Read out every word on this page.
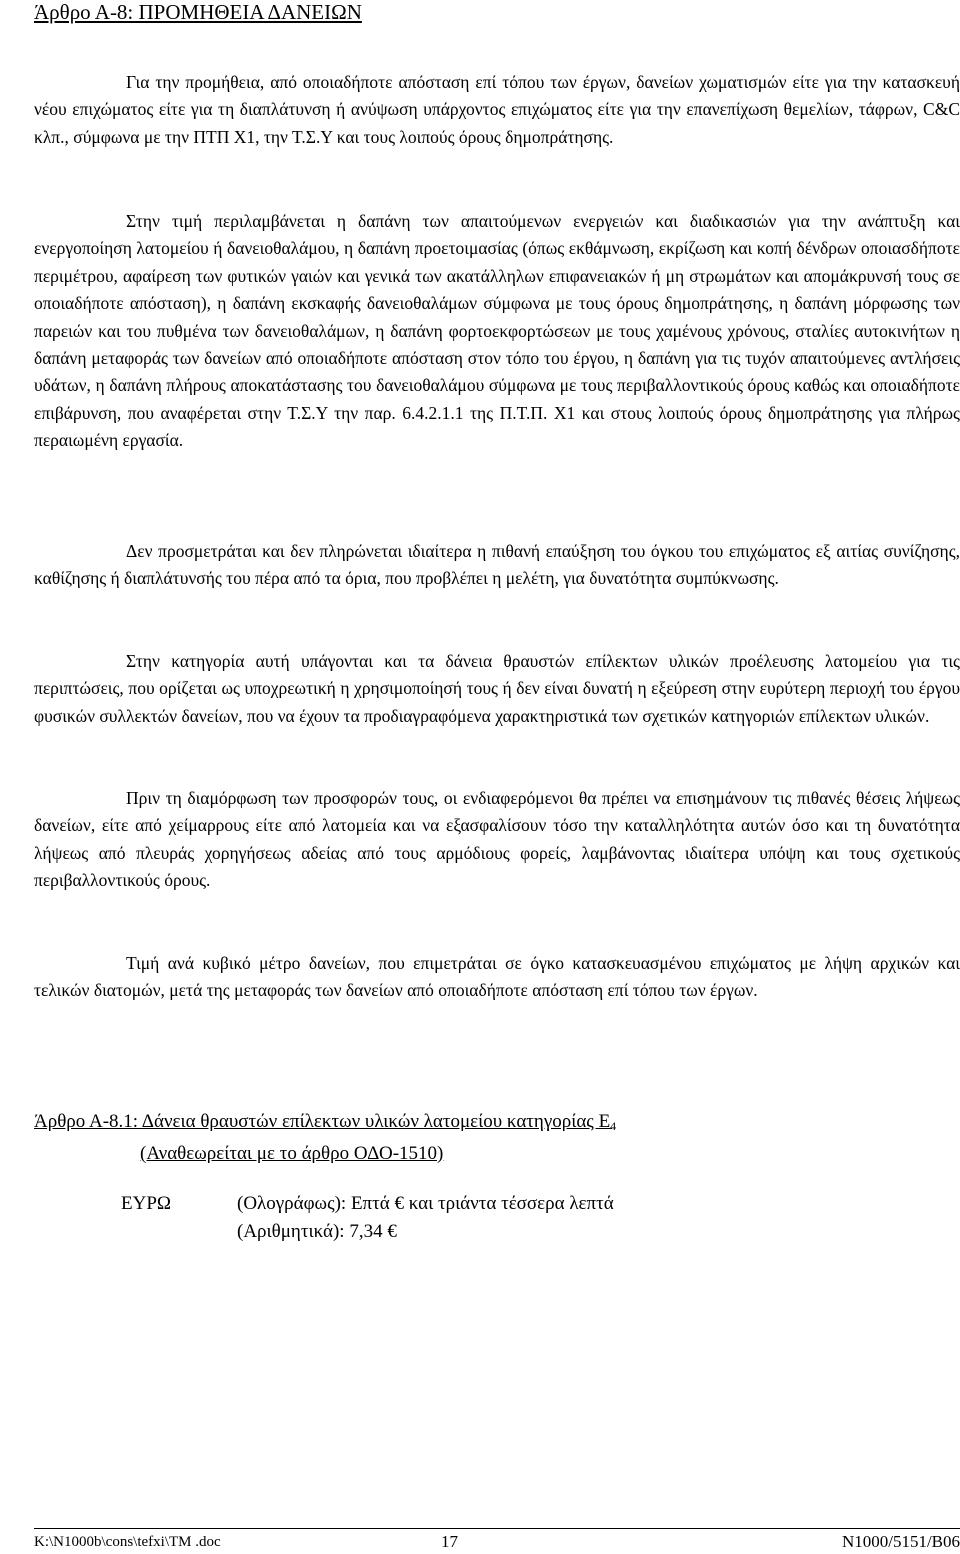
Άρθρο Α-8: ΠΡΟΜΗΘΕΙΑ ΔΑΝΕΙΩΝ

Για την προμήθεια, από οποιαδήποτε απόσταση επί τόπου των έργων, δανείων χωματισμών είτε για την κατασκευή νέου επιχώματος είτε για τη διαπλάτυνση ή ανύψωση υπάρχοντος επιχώματος είτε για την επανεπίχωση θεμελίων, τάφρων, C&C κλπ., σύμφωνα με την ΠΤΠ Χ1, την Τ.Σ.Υ και τους λοιπούς όρους δημοπράτησης.

Στην τιμή περιλαμβάνεται η δαπάνη των απαιτούμενων ενεργειών και διαδικασιών για την ανάπτυξη και ενεργοποίηση λατομείου ή δανειοθαλάμου, η δαπάνη προετοιμασίας (όπως εκθάμνωση, εκρίζωση και κοπή δένδρων οποιασδήποτε περιμέτρου, αφαίρεση των φυτικών γαιών και γενικά των ακατάλληλων επιφανειακών ή μη στρωμάτων και απομάκρυνσή τους σε οποιαδήποτε απόσταση), η δαπάνη εκσκαφής δανειοθαλάμων σύμφωνα με τους όρους δημοπράτησης, η δαπάνη μόρφωσης των παρειών και του πυθμένα των δανειοθαλάμων, η δαπάνη φορτοεκφορτώσεων με τους χαμένους χρόνους, σταλίες αυτοκινήτων η δαπάνη μεταφοράς των δανείων από οποιαδήποτε απόσταση στον τόπο του έργου, η δαπάνη για τις τυχόν απαιτούμενες αντλήσεις υδάτων, η δαπάνη πλήρους αποκατάστασης του δανειοθαλάμου σύμφωνα με τους περιβαλλοντικούς όρους καθώς και οποιαδήποτε επιβάρυνση, που αναφέρεται στην Τ.Σ.Υ την παρ. 6.4.2.1.1 της Π.Τ.Π. Χ1 και στους λοιπούς όρους δημοπράτησης για πλήρως περαιωμένη εργασία.

Δεν προσμετράται και δεν πληρώνεται ιδιαίτερα η πιθανή επαύξηση του όγκου του επιχώματος εξ αιτίας συνίζησης, καθίζησης ή διαπλάτυνσής του πέρα από τα όρια, που προβλέπει η μελέτη, για δυνατότητα συμπύκνωσης.

Στην κατηγορία αυτή υπάγονται και τα δάνεια θραυστών επίλεκτων υλικών προέλευσης λατομείου για τις περιπτώσεις, που ορίζεται ως υποχρεωτική η χρησιμοποίησή τους ή δεν είναι δυνατή η εξεύρεση στην ευρύτερη περιοχή του έργου φυσικών συλλεκτών δανείων, που να έχουν τα προδιαγραφόμενα χαρακτηριστικά των σχετικών κατηγοριών επίλεκτων υλικών.

Πριν τη διαμόρφωση των προσφορών τους, οι ενδιαφερόμενοι θα πρέπει να επισημάνουν τις πιθανές θέσεις λήψεως δανείων, είτε από χείμαρρους είτε από λατομεία και να εξασφαλίσουν τόσο την καταλληλότητα αυτών όσο και τη δυνατότητα λήψεως από πλευράς χορηγήσεως αδείας από τους αρμόδιους φορείς, λαμβάνοντας ιδιαίτερα υπόψη και τους σχετικούς περιβαλλοντικούς όρους.

Τιμή ανά κυβικό μέτρο δανείων, που επιμετράται σε όγκο κατασκευασμένου επιχώματος με λήψη αρχικών και τελικών διατομών, μετά της μεταφοράς των δανείων από οποιαδήποτε απόσταση επί τόπου των έργων.

Άρθρο Α-8.1: Δάνεια θραυστών επίλεκτων υλικών λατομείου κατηγορίας $E_4$
(Αναθεωρείται με το άρθρο ΟΔΟ-1510)
ΕΥΡΩ	(Ολογράφως): Επτά € και τριάντα τέσσερα λεπτά
(Αριθμητικά): 7,34 €
K:\N1000b\cons\tefxi\TM .doc	17	N1000/5151/B06
